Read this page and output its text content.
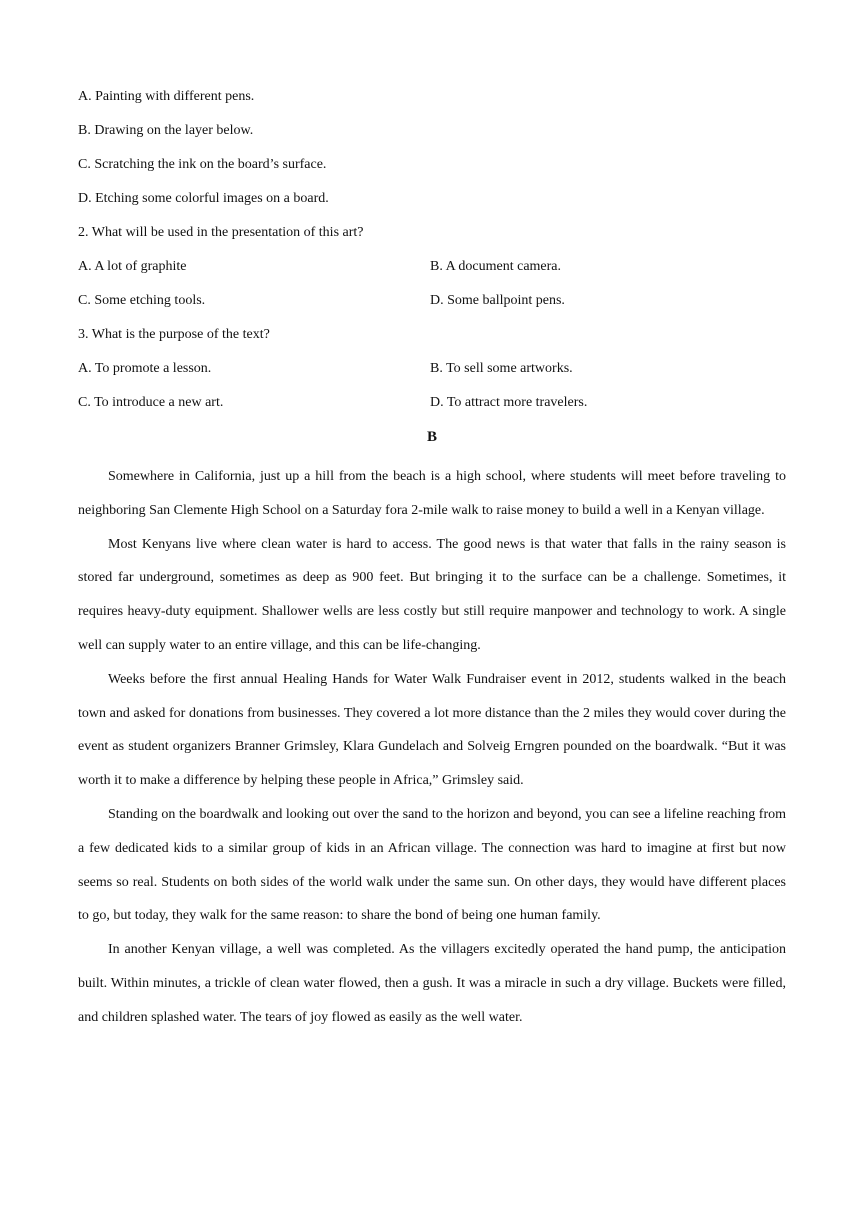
A. Painting with different pens.
B. Drawing on the layer below.
C. Scratching the ink on the board’s surface.
D. Etching some colorful images on a board.
2. What will be used in the presentation of this art?
A. A lot of graphite	B. A document camera.
C. Some etching tools.	D. Some ballpoint pens.
3. What is the purpose of the text?
A. To promote a lesson.	B. To sell some artworks.
C. To introduce a new art.	D. To attract more travelers.
B

Somewhere in California, just up a hill from the beach is a high school, where students will meet before traveling to neighboring San Clemente High School on a Saturday fora 2-mile walk to raise money to build a well in a Kenyan village.

Most Kenyans live where clean water is hard to access. The good news is that water that falls in the rainy season is stored far underground, sometimes as deep as 900 feet. But bringing it to the surface can be a challenge. Sometimes, it requires heavy-duty equipment. Shallower wells are less costly but still require manpower and technology to work. A single well can supply water to an entire village, and this can be life-changing.

Weeks before the first annual Healing Hands for Water Walk Fundraiser event in 2012, students walked in the beach town and asked for donations from businesses. They covered a lot more distance than the 2 miles they would cover during the event as student organizers Branner Grimsley, Klara Gundelach and Solveig Erngren pounded on the boardwalk. “But it was worth it to make a difference by helping these people in Africa,” Grimsley said.

Standing on the boardwalk and looking out over the sand to the horizon and beyond, you can see a lifeline reaching from a few dedicated kids to a similar group of kids in an African village. The connection was hard to imagine at first but now seems so real. Students on both sides of the world walk under the same sun. On other days, they would have different places to go, but today, they walk for the same reason: to share the bond of being one human family.

In another Kenyan village, a well was completed. As the villagers excitedly operated the hand pump, the anticipation built. Within minutes, a trickle of clean water flowed, then a gush. It was a miracle in such a dry village. Buckets were filled, and children splashed water. The tears of joy flowed as easily as the well water.
